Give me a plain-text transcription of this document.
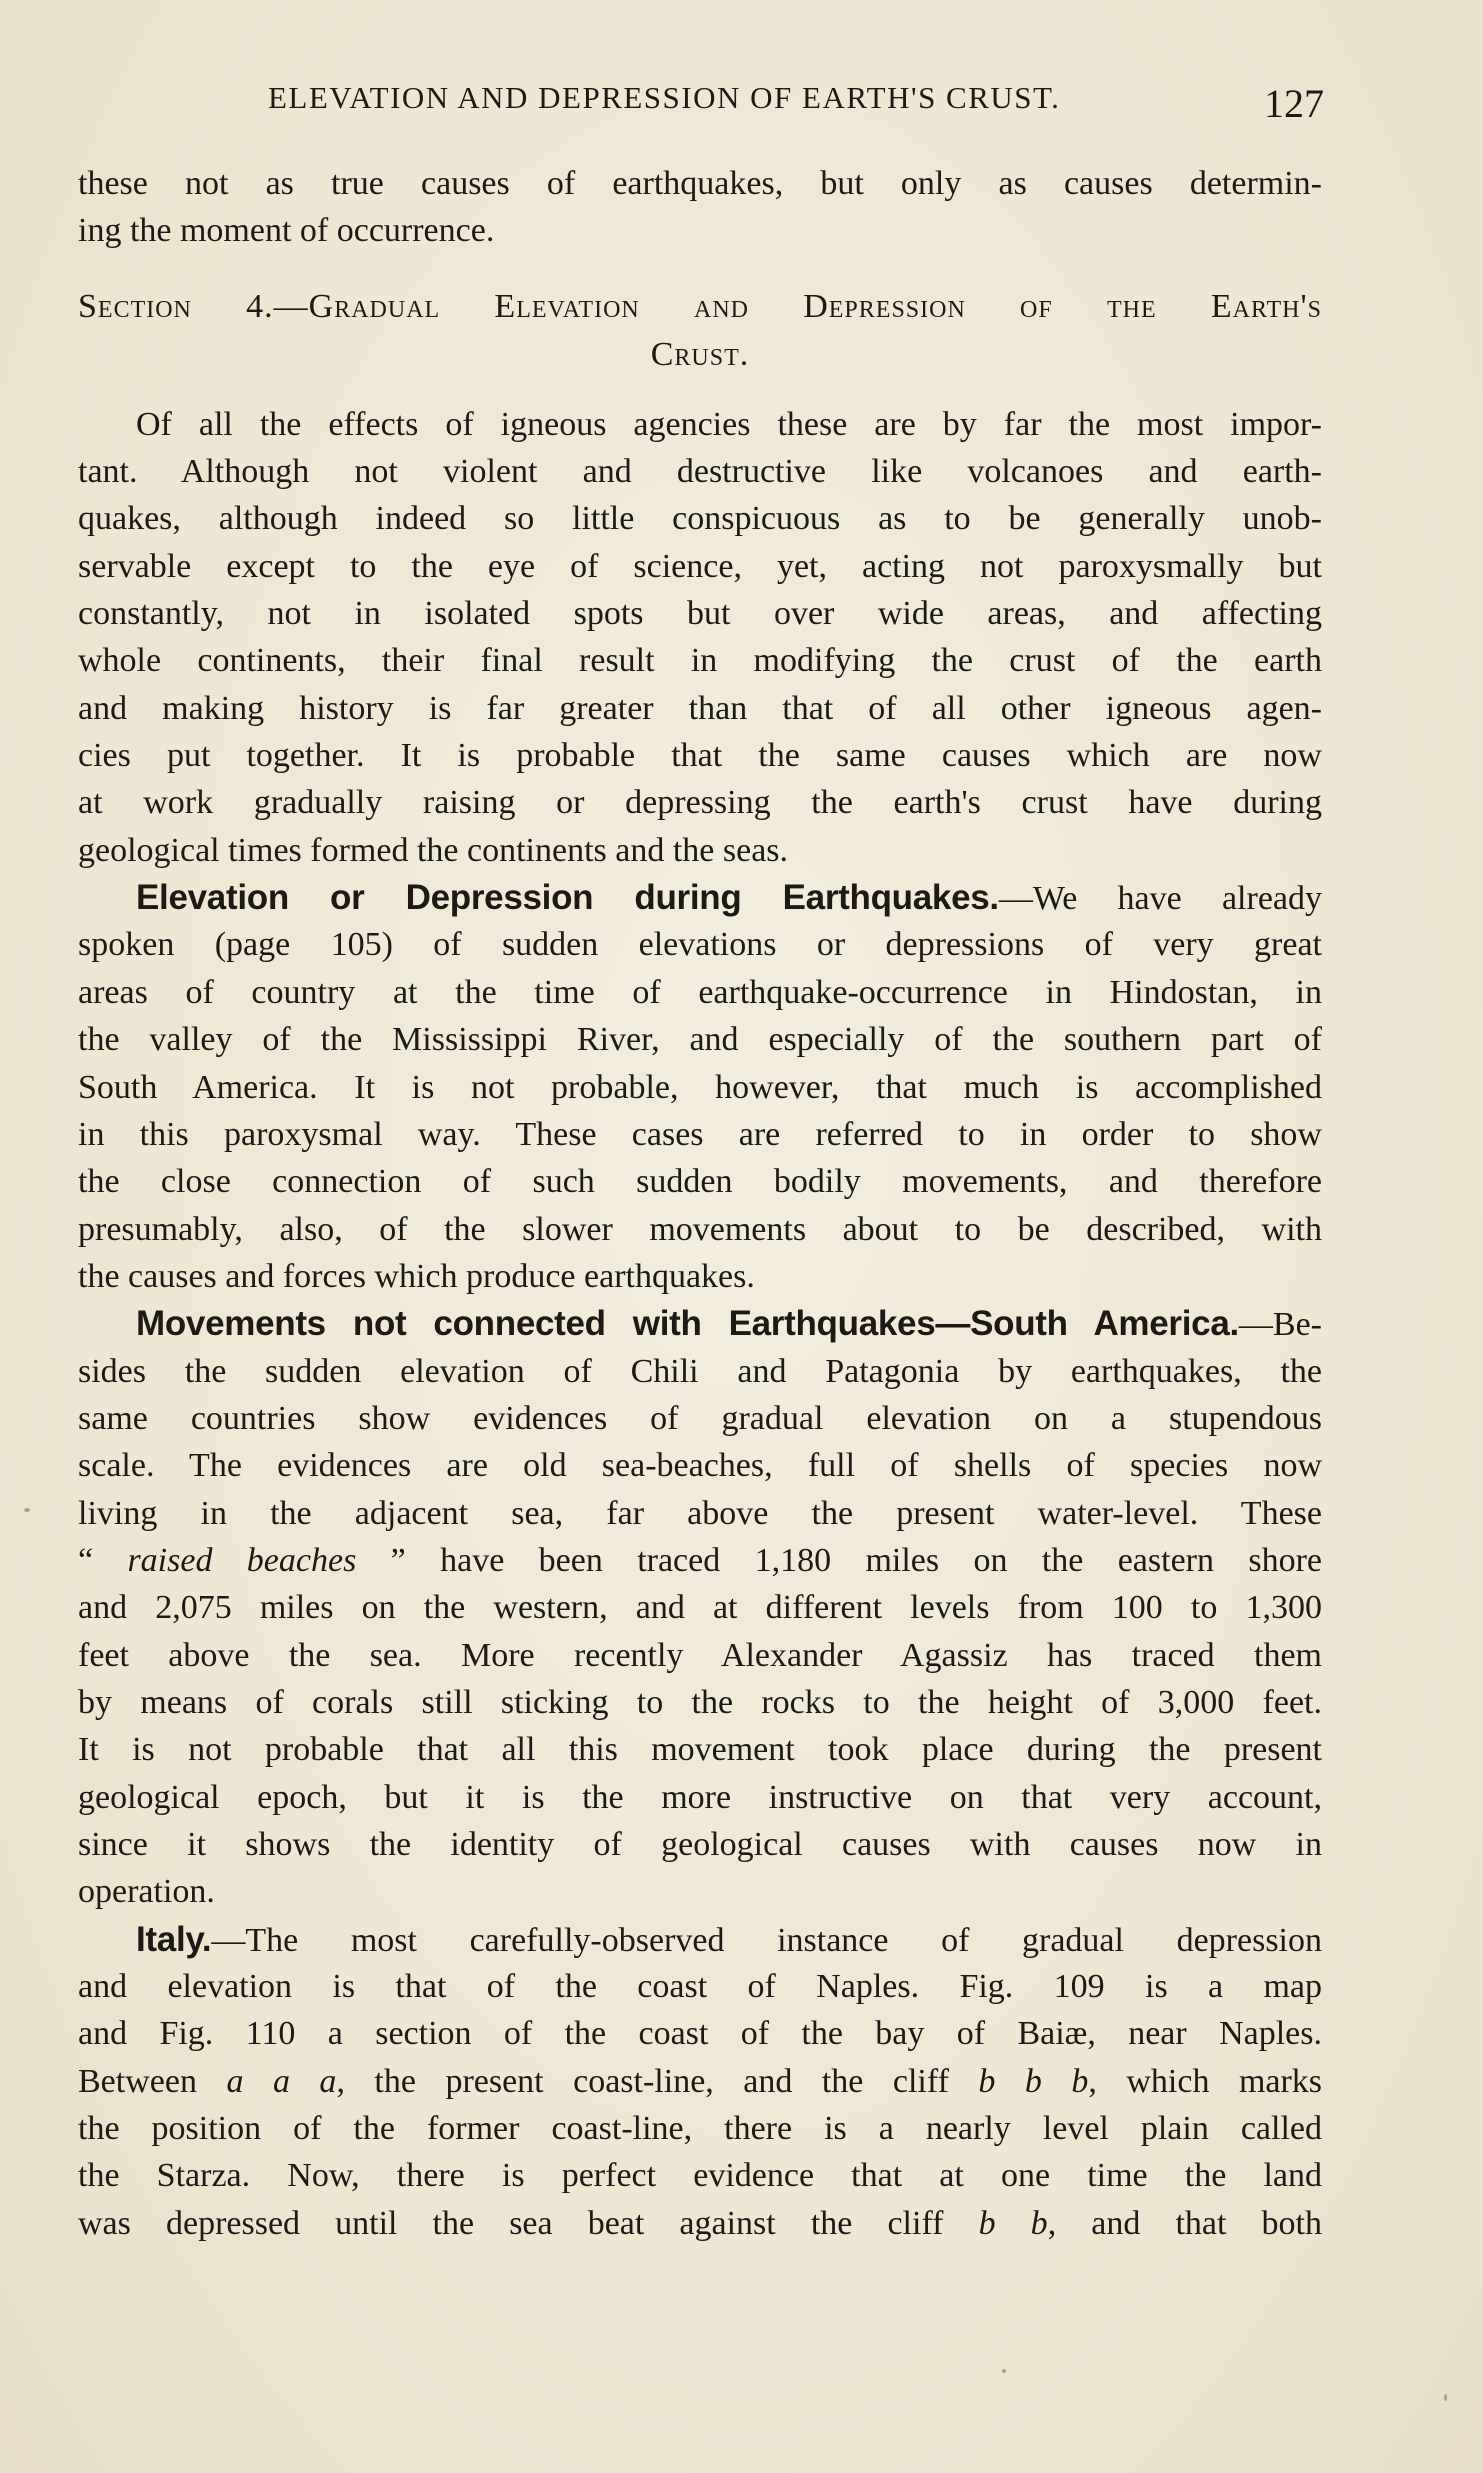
ELEVATION AND DEPRESSION OF EARTH'S CRUST.	127
these not as true causes of earthquakes, but only as causes determin-
ing the moment of occurrence.
Section 4.—Gradual Elevation and Depression of the Earth's
Crust.
Of all the effects of igneous agencies these are by far the most impor-
tant. Although not violent and destructive like volcanoes and earth-
quakes, although indeed so little conspicuous as to be generally unob-
servable except to the eye of science, yet, acting not paroxysmally but
constantly, not in isolated spots but over wide areas, and affecting
whole continents, their final result in modifying the crust of the earth
and making history is far greater than that of all other igneous agen-
cies put together. It is probable that the same causes which are now
at work gradually raising or depressing the earth's crust have during
geological times formed the continents and the seas.
Elevation or Depression during Earthquakes.—We have already
spoken (page 105) of sudden elevations or depressions of very great
areas of country at the time of earthquake-occurrence in Hindostan, in
the valley of the Mississippi River, and especially of the southern part of
South America. It is not probable, however, that much is accomplished
in this paroxysmal way. These cases are referred to in order to show
the close connection of such sudden bodily movements, and therefore
presumably, also, of the slower movements about to be described, with
the causes and forces which produce earthquakes.
Movements not connected with Earthquakes—South America.—Be-
sides the sudden elevation of Chili and Patagonia by earthquakes, the
same countries show evidences of gradual elevation on a stupendous
scale. The evidences are old sea-beaches, full of shells of species now
living in the adjacent sea, far above the present water-level. These
“ raised beaches ” have been traced 1,180 miles on the eastern shore
and 2,075 miles on the western, and at different levels from 100 to 1,300
feet above the sea. More recently Alexander Agassiz has traced them
by means of corals still sticking to the rocks to the height of 3,000 feet.
It is not probable that all this movement took place during the present
geological epoch, but it is the more instructive on that very account,
since it shows the identity of geological causes with causes now in
operation.
Italy.—The most carefully-observed instance of gradual depression
and elevation is that of the coast of Naples. Fig. 109 is a map
and Fig. 110 a section of the coast of the bay of Baiæ, near Naples.
Between a a a, the present coast-line, and the cliff b b b, which marks
the position of the former coast-line, there is a nearly level plain called
the Starza. Now, there is perfect evidence that at one time the land
was depressed until the sea beat against the cliff b b, and that both
